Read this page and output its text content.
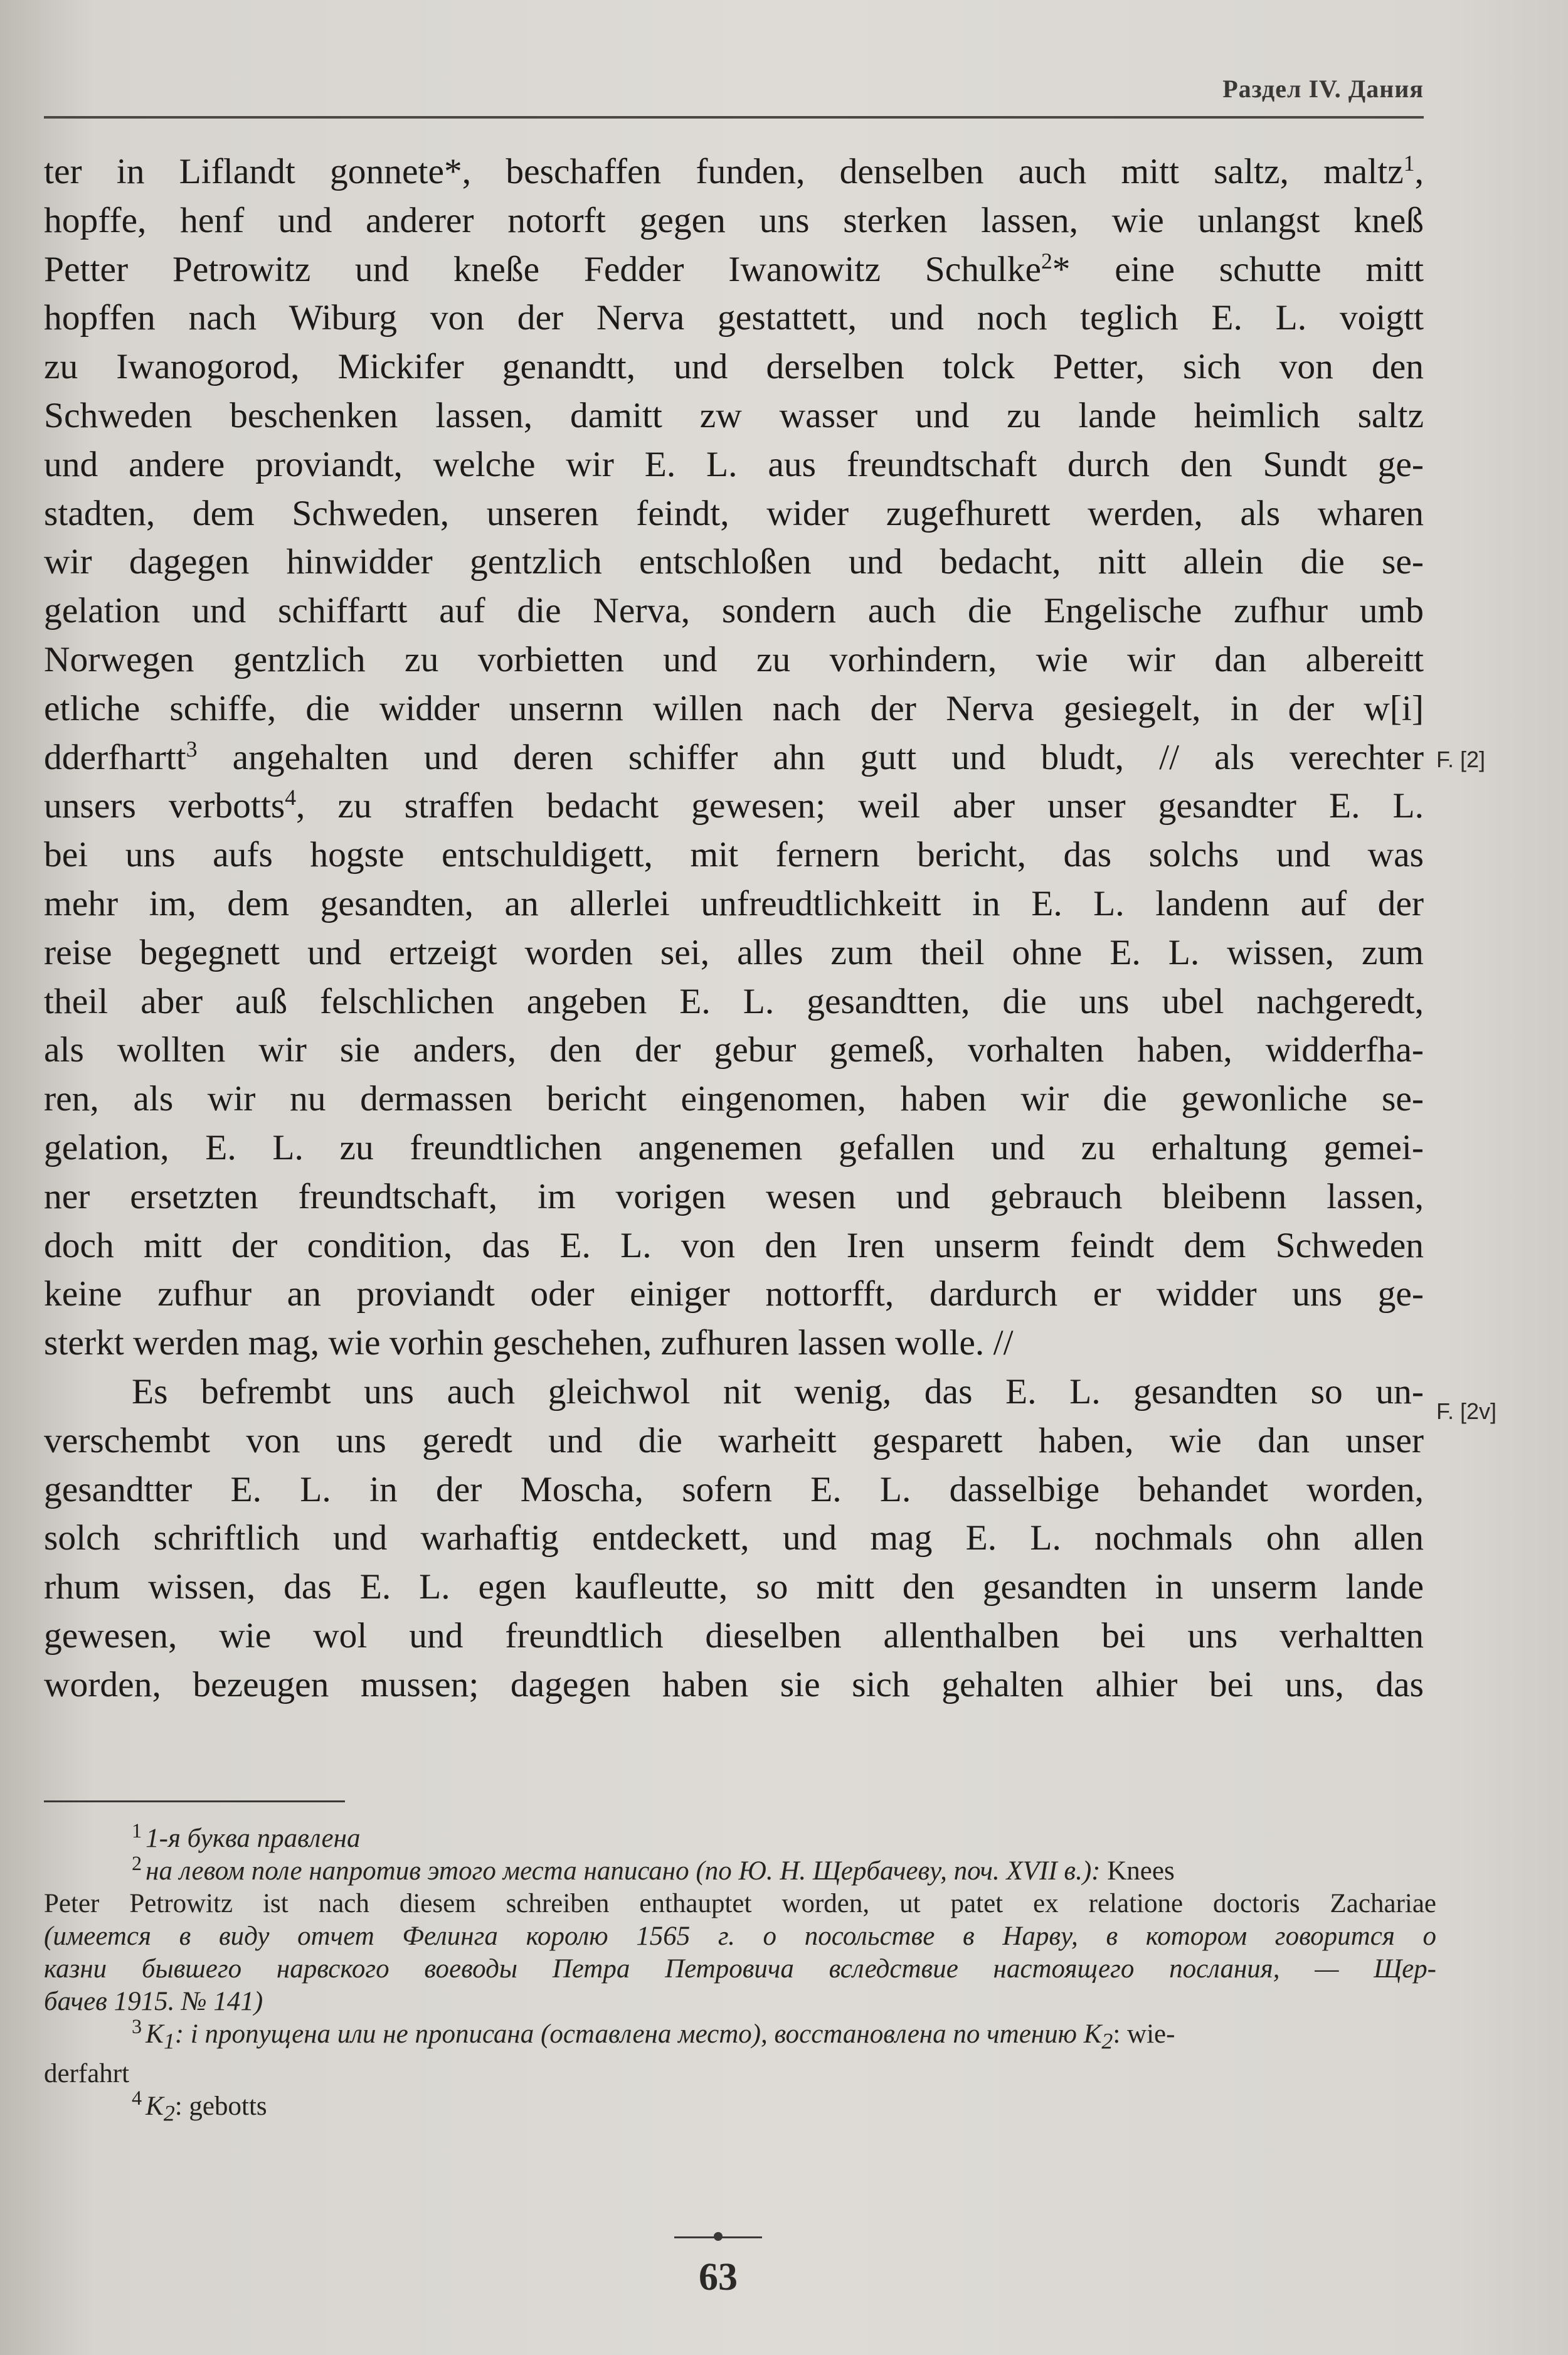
Раздел IV. Дания
ter in Liflandt gonnete*, beschaffen funden, denselben auch mitt saltz, maltz$^1$,
hopffe, henf und anderer notorft gegen uns sterken lassen, wie unlangst kneß
Petter Petrowitz und kneße Fedder Iwanowitz Schulke$^2$* eine schutte mitt
hopffen nach Wiburg von der Nerva gestattett, und noch teglich E. L. voigtt
zu Iwanogorod, Mickifer genandtt, und derselben tolck Petter, sich von den
Schweden beschenken lassen, damitt zw wasser und zu lande heimlich saltz
und andere proviandt, welche wir E. L. aus freundtschaft durch den Sundt ge-
stadten, dem Schweden, unseren feindt, wider zugefhurett werden, als wharen
wir dagegen hinwidder gentzlich entschloßen und bedacht, nitt allein die se-
gelation und schiffartt auf die Nerva, sondern auch die Engelische zufhur umb
Norwegen gentzlich zu vorbietten und zu vorhindern, wie wir dan albereitt
etliche schiffe, die widder unsernn willen nach der Nerva gesiegelt, in der w[i]
dderfhartt$^3$ angehalten und deren schiffer ahn gutt und bludt, // als verechter
unsers verbotts$^4$, zu straffen bedacht gewesen; weil aber unser gesandter E. L.
bei uns aufs hogste entschuldigett, mit fernern bericht, das solchs und was
mehr im, dem gesandten, an allerlei unfreudtlichkeitt in E. L. landenn auf der
reise begegnett und ertzeigt worden sei, alles zum theil ohne E. L. wissen, zum
theil aber auß felschlichen angeben E. L. gesandtten, die uns ubel nachgeredt,
als wollten wir sie anders, den der gebur gemeß, vorhalten haben, widderfha-
ren, als wir nu dermassen bericht eingenomen, haben wir die gewonliche se-
gelation, E. L. zu freundtlichen angenemen gefallen und zu erhaltung gemei-
ner ersetzten freundtschaft, im vorigen wesen und gebrauch bleibenn lassen,
doch mitt der condition, das E. L. von den Iren unserm feindt dem Schweden
keine zufhur an proviandt oder einiger nottorfft, dardurch er widder uns ge-
sterkt werden mag, wie vorhin geschehen, zufhuren lassen wolle. //
Es befrembt uns auch gleichwol nit wenig, das E. L. gesandten so un-
verschembt von uns geredt und die warheitt gesparett haben, wie dan unser
gesandtter E. L. in der Moscha, sofern E. L. dasselbige behandet worden,
solch schriftlich und warhaftig entdeckett, und mag E. L. nochmals ohn allen
rhum wissen, das E. L. egen kaufleutte, so mitt den gesandten in unserm lande
gewesen, wie wol und freundtlich dieselben allenthalben bei uns verhaltten
worden, bezeugen mussen; dagegen haben sie sich gehalten alhier bei uns, das
F. [2]
F. [2v]
$^1$ 1-я буква правлена
$^2$ на левом поле напротив этого места написано (по Ю. Н. Щербачеву, поч. XVII в.): Knees
Peter Petrowitz ist nach diesem schreiben enthauptet worden, ut patet ex relatione doctoris Zachariae
(имеется в виду отчет Фелинга королю 1565 г. о посольстве в Нарву, в котором говорится о
казни бывшего нарвского воеводы Петра Петровича вследствие настоящего послания, — Щер-
бачев 1915. № 141)
$^3$ $K_1$: i пропущена или не прописана (оставлена место), восстановлена по чтению $K_2$: wie-
derfahrt
$^4$ $K_2$: gebotts
63
